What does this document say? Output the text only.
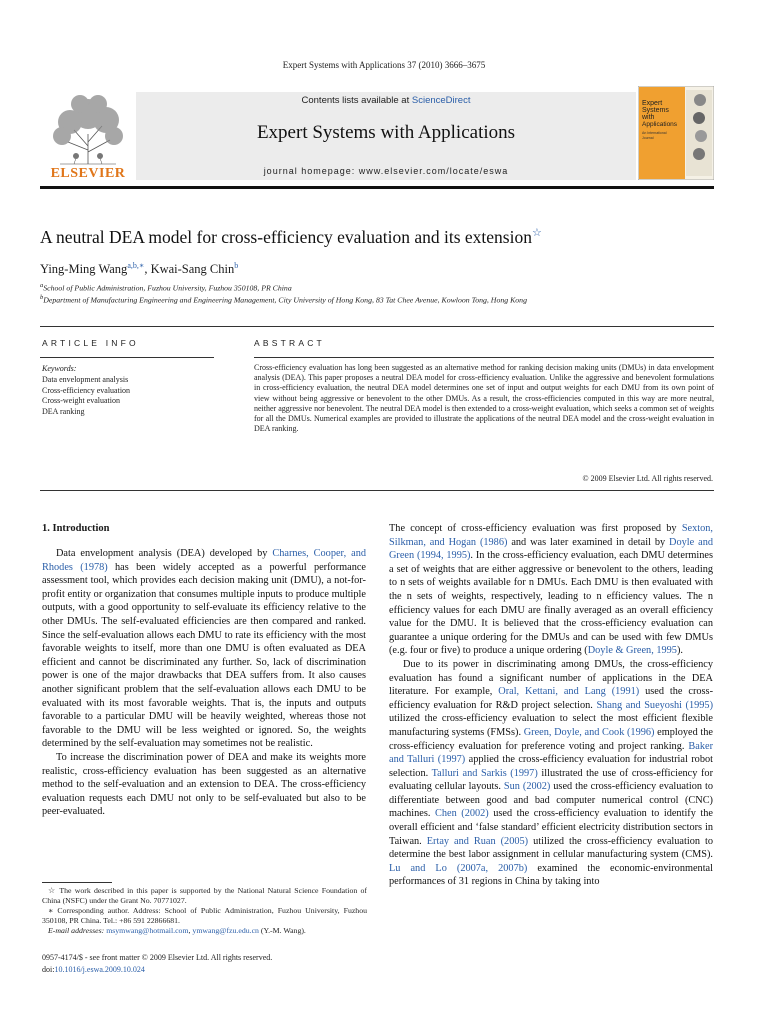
Expert Systems with Applications 37 (2010) 3666–3675
ELSEVIER
Contents lists available at ScienceDirect
Expert Systems with Applications
journal homepage: www.elsevier.com/locate/eswa
Expert
Systems
with
Applications
An International
Journal
A neutral DEA model for cross-efficiency evaluation and its extension☆
Ying-Ming Wang$^{a,b,∗}$, Kwai-Sang Chin$^b$
$^a$School of Public Administration, Fuzhou University, Fuzhou 350108, PR China
$^b$Department of Manufacturing Engineering and Engineering Management, City University of Hong Kong, 83 Tat Chee Avenue, Kowloon Tong, Hong Kong
ARTICLE INFO
Keywords:
Data envelopment analysis
Cross-efficiency evaluation
Cross-weight evaluation
DEA ranking
ABSTRACT
Cross-efficiency evaluation has long been suggested as an alternative method for ranking decision making units (DMUs) in data envelopment analysis (DEA). This paper proposes a neutral DEA model for cross-efficiency evaluation. Unlike the aggressive and benevolent formulations in cross-efficiency evaluation, the neutral DEA model determines one set of input and output weights for each DMU from its own point of view without being aggressive or benevolent to the other DMUs. As a result, the cross-efficiencies computed in this way are more neutral, neither aggressive nor benevolent. The neutral DEA model is then extended to a cross-weight evaluation, which seeks a common set of weights for all the DMUs. Numerical examples are provided to illustrate the applications of the neutral DEA model and the cross-weight evaluation in DEA ranking.
© 2009 Elsevier Ltd. All rights reserved.
1. Introduction

Data envelopment analysis (DEA) developed by Charnes, Cooper, and Rhodes (1978) has been widely accepted as a powerful performance assessment tool, which provides each decision making unit (DMU), a not-for-profit entity or organization that consumes multiple inputs to produce multiple outputs, with a good opportunity to self-evaluate its efficiency relative to the other DMUs. The self-evaluated efficiencies are then compared and ranked. Since the self-evaluation allows each DMU to rate its efficiency with the most favorable weights to itself, more than one DMU is often evaluated as DEA efficient and cannot be discriminated any further. So, lack of discrimination power is one of the major drawbacks that DEA suffers from. It also causes another significant problem that the self-evaluation allows each DMU to be evaluated with its most favorable weights. That is, the inputs and outputs favorable to a particular DMU will be heavily weighted, whereas those not favorable to the DMU will be less weighted or ignored. So, the weights determined by the self-evaluation may sometimes not be realistic.

To increase the discrimination power of DEA and make its weights more realistic, cross-efficiency evaluation has been suggested as an alternative method to the self-evaluation and an extension to DEA. The cross-efficiency evaluation requests each DMU not only to be self-evaluated but also to be peer-evaluated.

The concept of cross-efficiency evaluation was first proposed by Sexton, Silkman, and Hogan (1986) and was later examined in detail by Doyle and Green (1994, 1995). In the cross-efficiency evaluation, each DMU determines a set of weights that are either aggressive or benevolent to the others, leading to n sets of weights available for n DMUs. Each DMU is then evaluated with the n sets of weights, respectively, leading to n efficiency values. The n efficiency values for each DMU are finally averaged as an overall efficiency value for the DMU. It is believed that the cross-efficiency evaluation can guarantee a unique ordering for the DMUs and can be used with few DMUs (e.g. four or five) to produce a unique ordering (Doyle & Green, 1995).

Due to its power in discriminating among DMUs, the cross-efficiency evaluation has found a significant number of applications in the DEA literature. For example, Oral, Kettani, and Lang (1991) used the cross-efficiency evaluation for R&D project selection. Shang and Sueyoshi (1995) utilized the cross-efficiency evaluation to select the most efficient flexible manufacturing systems (FMSs). Green, Doyle, and Cook (1996) employed the cross-efficiency evaluation for preference voting and project ranking. Baker and Talluri (1997) applied the cross-efficiency evaluation for industrial robot selection. Talluri and Sarkis (1997) illustrated the use of cross-efficiency for evaluating cellular layouts. Sun (2002) used the cross-efficiency evaluation to differentiate between good and bad computer numerical control (CNC) machines. Chen (2002) used the cross-efficiency evaluation to identify the overall efficient and ‘false standard’ efficient electricity distribution sectors in Taiwan. Ertay and Ruan (2005) utilized the cross-efficiency evaluation to determine the best labor assignment in cellular manufacturing system (CMS). Lu and Lo (2007a, 2007b) examined the economic-environmental performances of 31 regions in China by taking into

☆ The work described in this paper is supported by the National Natural Science Foundation of China (NSFC) under the Grant No. 70771027.

∗ Corresponding author. Address: School of Public Administration, Fuzhou University, Fuzhou 350108, PR China. Tel.: +86 591 22866681.

E-mail addresses: msymwang@hotmail.com, ymwang@fzu.edu.cn (Y.-M. Wang).

0957-4174/$ - see front matter © 2009 Elsevier Ltd. All rights reserved.
doi:10.1016/j.eswa.2009.10.024
